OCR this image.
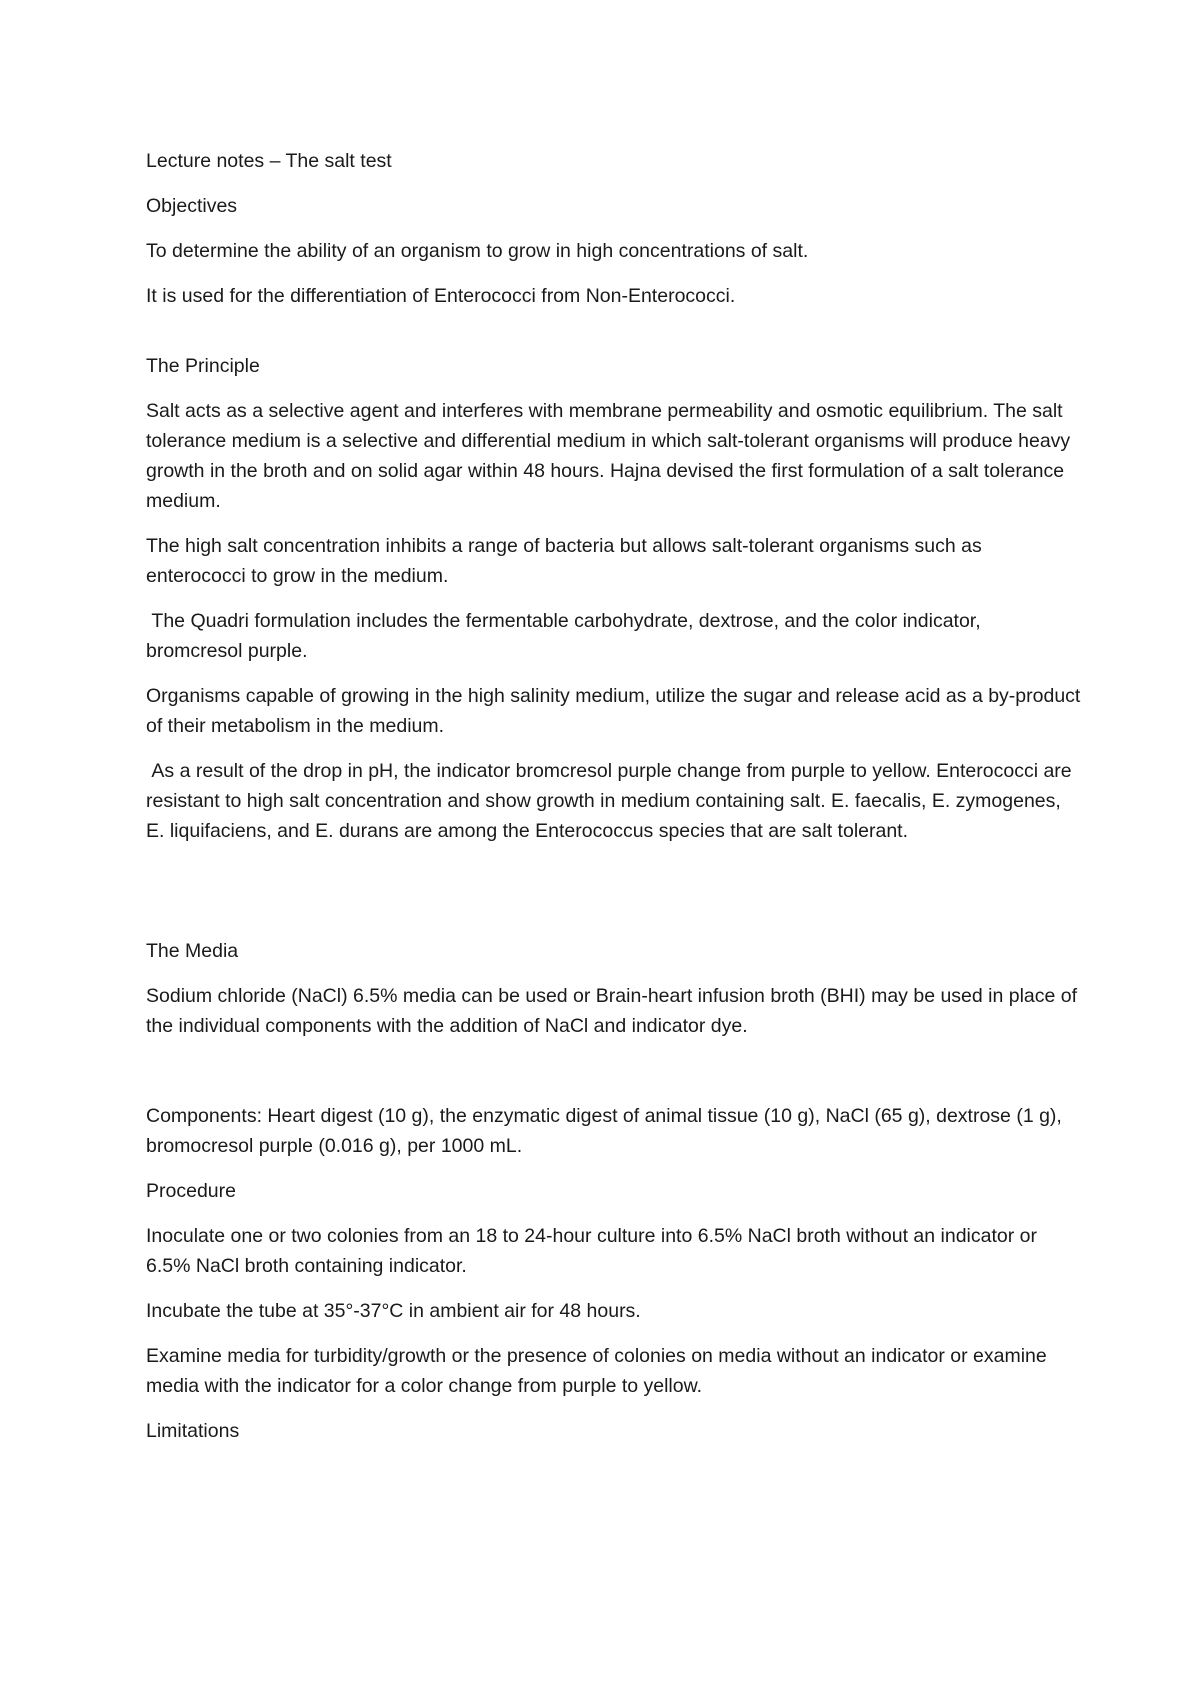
Lecture notes – The salt test

Objectives

To determine the ability of an organism to grow in high concentrations of salt.

It is used for the differentiation of Enterococci from Non-Enterococci.

The Principle

Salt acts as a selective agent and interferes with membrane permeability and osmotic equilibrium. The salt tolerance medium is a selective and differential medium in which salt-tolerant organisms will produce heavy growth in the broth and on solid agar within 48 hours. Hajna devised the first formulation of a salt tolerance medium.

The high salt concentration inhibits a range of bacteria but allows salt-tolerant organisms such as enterococci to grow in the medium.

The Quadri formulation includes the fermentable carbohydrate, dextrose, and the color indicator, bromcresol purple.

Organisms capable of growing in the high salinity medium, utilize the sugar and release acid as a by-product of their metabolism in the medium.

As a result of the drop in pH, the indicator bromcresol purple change from purple to yellow. Enterococci are resistant to high salt concentration and show growth in medium containing salt. E. faecalis, E. zymogenes, E. liquifaciens, and E. durans are among the Enterococcus species that are salt tolerant.

The Media

Sodium chloride (NaCl) 6.5% media can be used or Brain-heart infusion broth (BHI) may be used in place of the individual components with the addition of NaCl and indicator dye.

Components: Heart digest (10 g), the enzymatic digest of animal tissue (10 g), NaCl (65 g), dextrose (1 g), bromocresol purple (0.016 g), per 1000 mL.

Procedure

Inoculate one or two colonies from an 18 to 24-hour culture into 6.5% NaCl broth without an indicator or 6.5% NaCl broth containing indicator.

Incubate the tube at 35°-37°C in ambient air for 48 hours.

Examine media for turbidity/growth or the presence of colonies on media without an indicator or examine media with the indicator for a color change from purple to yellow.

Limitations
